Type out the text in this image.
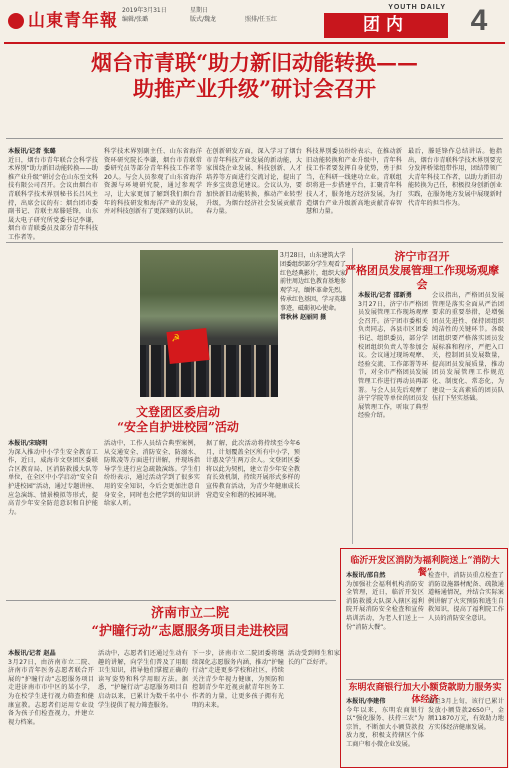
山東青年報
2019年3月31日	星期日
编辑/张璐	版式/魏龙	照排/任玉红
YOUTH DAILY
团内	4
烟台市青联“助力新旧动能转换——
助推产业升级”研讨会召开
本报讯/记者 张璐
近日，烟台市青年联合会科学技术界别“助力新旧动能转换——助推产业升级”研讨会在山东至文科技有限公司召开。会议由烟台市青联科学技术界别秘书长吕风主持，出席会议的有：烟台团市委副书记、青联主席滕延锋，山东晟大电子研究所党委书记李谦，烟台市青联委员及部分青年科技工作者等。
科学技术界别副主任、山东省海洋资环研究院长李谦，烟台市青联常委研究员等部分青年科技工作者等20人。与会人员参观了山东省海洋资源与环境研究院，通过参观学习，让大家更加了解到我们烟台青年的科技研发和海洋产业的发展，并对科技创新有了更深刻的认识。
在创新研发方面，深入学习了烟台市青年科技产业发展的新动能，大家围绕企业发展、科技创新、人才培养等方面进行交流讨论，提出了许多宝贵意见建议。会议认为，要加快新旧动能转换，推动产业转型升级，为烟台经济社会发展贡献青春力量。
科技界别委员纷纷表示，在推动新旧动能转换和产业升级中，青年科技工作者要发挥自身优势，勇于担当，在科研一线建功立业。青联组织将进一步搭建平台，汇聚青年科技人才，服务地方经济发展，为打造烟台产业升级新高地贡献青春智慧和力量。
最后，滕延锋作总结讲话。他指出，烟台市青联科学技术界别要充分发挥桥梁纽带作用，团结带领广大青年科技工作者，以助力新旧动能转换为己任，积极投身创新创业实践，在服务地方发展中展现新时代青年的担当作为。
☭
3月28日，山东建筑大学团委组织部分学生观看了红色经典影片，组织大家前往周边红色教育基地参观学习，缅怀革命先烈，传承红色基因，学习英雄事迹，砥砺初心使命。
常秋林 赵丽同 摄
文登团区委启动
“安全自护进校园”活动
本报讯/宋晓明
为深入推动中小学生安全教育工作，近日，威海市文登团区委联合区教育局、区消防救援大队等单位，在全区中小学启动“安全自护进校园”活动，通过专题讲座、应急演练、情景模拟等形式，提高青少年安全防范意识和自护能力。
活动中，工作人员结合典型案例，从交通安全、消防安全、防溺水、防欺凌等方面进行讲解，并现场指导学生进行应急疏散演练。学生们纷纷表示，通过活动学到了很多实用的安全知识，今后会更加注意自身安全，同时也会把学到的知识讲给家人听。
据了解，此次活动将持续至今年6月，计划覆盖全区所有中小学，预计惠及学生两万余人。文登团区委将以此为契机，建立青少年安全教育长效机制，持续开展形式多样的宣传教育活动，为青少年健康成长营造安全和谐的校园环境。
济宁市召开
严格团员发展管理工作现场观摩会
本报讯/记者 邵新勇
3月27日，济宁市严格团员发展管理工作现场观摩会召开。济宁团市委相关负责同志，各县市区团委书记、组织委员，部分学校团组织负责人等参加会议。会议通过现场观摩、经验交流、工作部署等环节，对全市严格团员发展管理工作进行再动员再部署。与会人员先后观摩了济宁学院等单位的团员发展管理工作，听取了典型经验介绍。
会议指出，严格团员发展管理是落实全面从严治团要求的重要举措，是增强团员先进性、保持团组织纯洁性的关键环节。各级团组织要严格落实团员发展标准和程序，严把入口关，控制团员发展数量，提高团员发展质量，推动团员发展管理工作规范化、制度化、常态化，为建设一支高素质的团员队伍打下坚实基础。
济南市立二院
“护瞳行动”志愿服务项目走进校园
本报讯/记者 赵晶
3月27日，由济南市立二院、济南市青年医务志愿者联合开展的“护瞳行动”志愿服务项目走进济南市市中区的某小学，为在校学生进行视力筛查和健康宣教。志愿者们运用专业设备为孩子们检查视力，并建立视力档案。
活动中，志愿者们还通过生动有趣的讲解，向学生们普及了用眼卫生知识，指导他们掌握正确的读写姿势和科学用眼方法。据悉，“护瞳行动”志愿服务项目自启动以来，已累计为数千名中小学生提供了视力筛查服务。
下一步，济南市立二院团委将继续深化志愿服务内涵，推动“护瞳行动”走进更多学校和社区，持续关注青少年视力健康，为预防和控制青少年近视贡献青年医务工作者的力量，让更多孩子拥有光明的未来。
活动受到师生和家长的广泛好评。
临沂开发区消防为福利院送上“消防大餐”
本报讯/邵自然
为加强社会福利机构消防安全管理，近日，临沂开发区消防救援大队深入辖区福利院开展消防安全检查和宣传培训活动，为老人们送上一份“消防大餐”。
检查中，消防员重点检查了消防设施器材配备、疏散通道畅通情况，并结合实际案例讲解了火灾预防和逃生自救知识，提高了福利院工作人员的消防安全意识。
东明农商银行加大小额贷款助力服务实体经济
本报讯/李建伟
今年以来，东明农商银行以“强化服务、扶持三农”为宗旨，不断加大小额贷款投放力度，积极支持辖区个体工商户和小微企业发展。
截至3月上旬，该行已累计发放小额贷款2650户，金额11870万元，有效助力地方实体经济健康发展。
